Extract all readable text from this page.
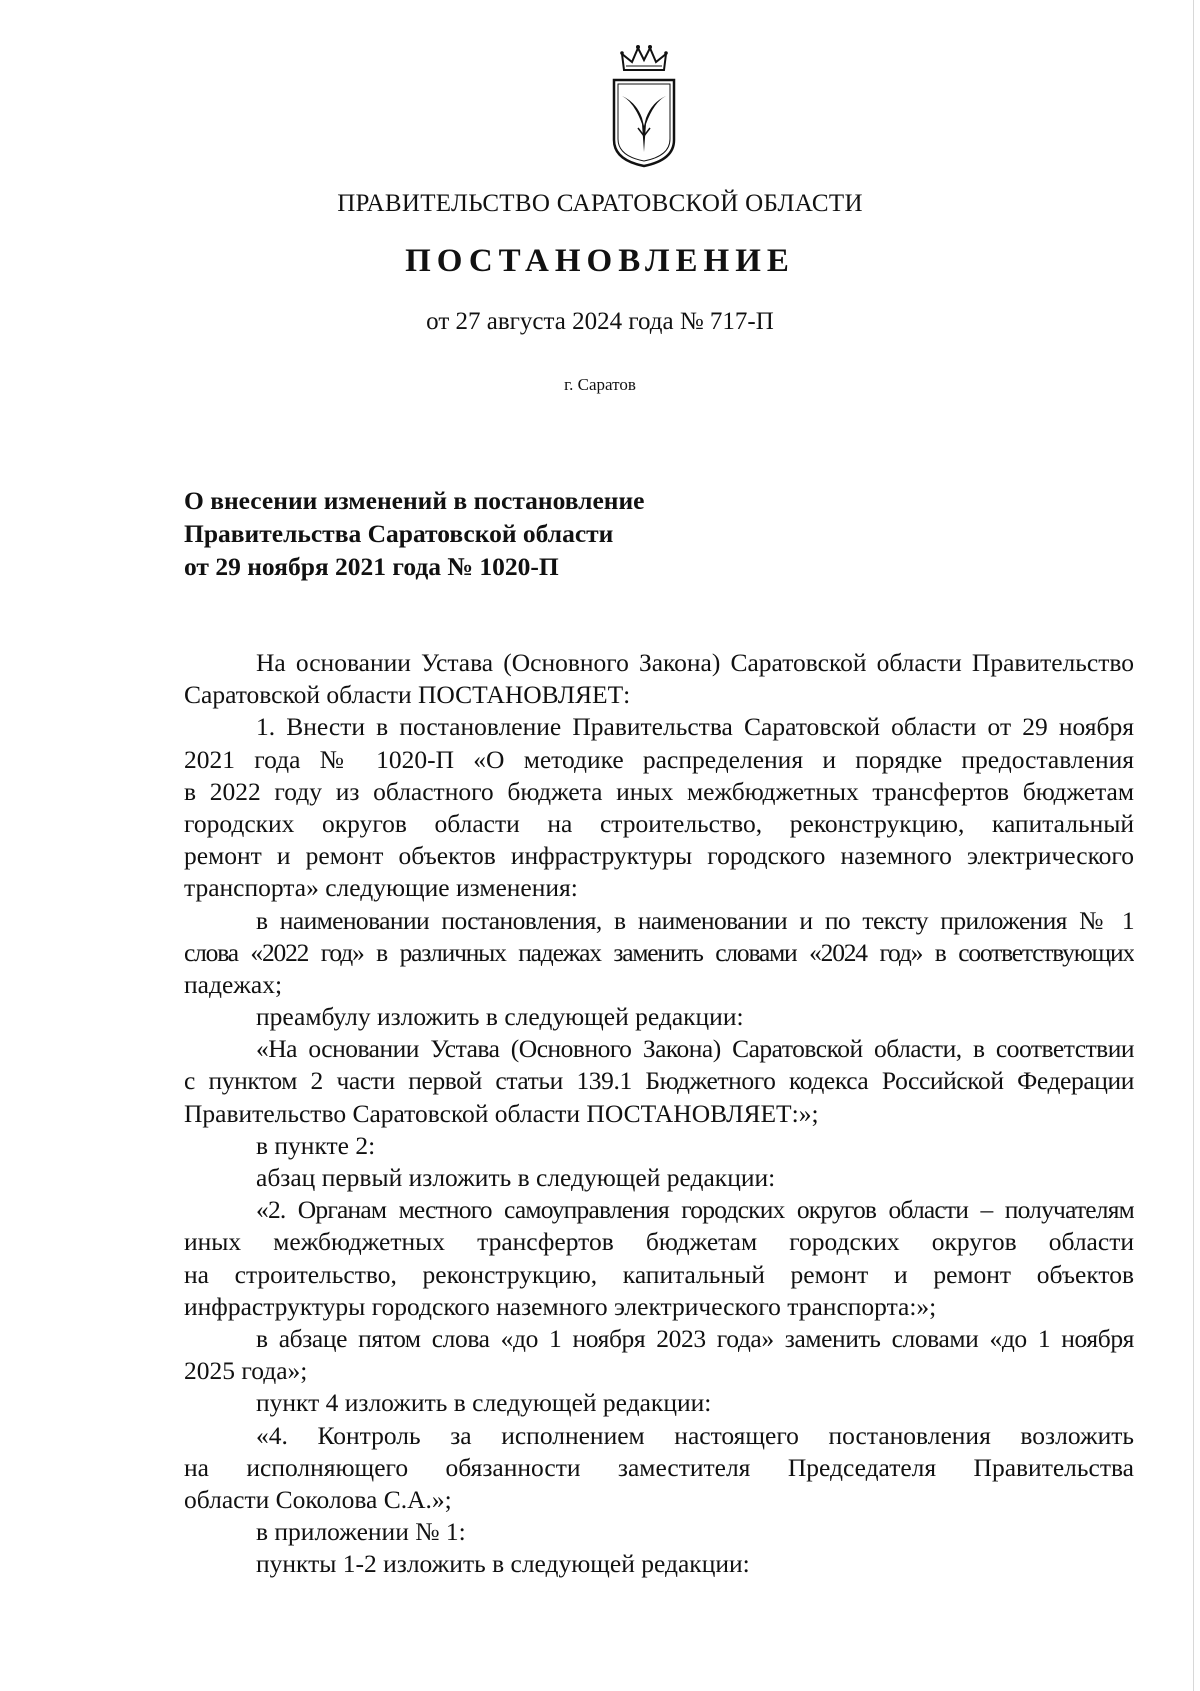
ПРАВИТЕЛЬСТВО САРАТОВСКОЙ ОБЛАСТИ
ПОСТАНОВЛЕНИЕ
от 27 августа 2024 года № 717-П
г. Саратов
О внесении изменений в постановление
Правительства Саратовской области
от 29 ноября 2021 года № 1020-П
На основании Устава (Основного Закона) Саратовской области Правительство
Саратовской области ПОСТАНОВЛЯЕТ:
1. Внести в постановление Правительства Саратовской области от 29 ноября
2021 года № 1020-П «О методике распределения и порядке предоставления
в 2022 году из областного бюджета иных межбюджетных трансфертов бюджетам
городских округов области на строительство, реконструкцию, капитальный
ремонт и ремонт объектов инфраструктуры городского наземного электрического
транспорта» следующие изменения:
в наименовании постановления, в наименовании и по тексту приложения № 1
слова «2022 год» в различных падежах заменить словами «2024 год» в соответствующих
падежах;
преамбулу изложить в следующей редакции:
«На основании Устава (Основного Закона) Саратовской области, в соответствии
с пунктом 2 части первой статьи 139.1 Бюджетного кодекса Российской Федерации
Правительство Саратовской области ПОСТАНОВЛЯЕТ:»;
в пункте 2:
абзац первый изложить в следующей редакции:
«2. Органам местного самоуправления городских округов области – получателям
иных межбюджетных трансфертов бюджетам городских округов области
на строительство, реконструкцию, капитальный ремонт и ремонт объектов
инфраструктуры городского наземного электрического транспорта:»;
в абзаце пятом слова «до 1 ноября 2023 года» заменить словами «до 1 ноября
2025 года»;
пункт 4 изложить в следующей редакции:
«4. Контроль за исполнением настоящего постановления возложить
на исполняющего обязанности заместителя Председателя Правительства
области Соколова С.А.»;
в приложении № 1:
пункты 1-2 изложить в следующей редакции:
